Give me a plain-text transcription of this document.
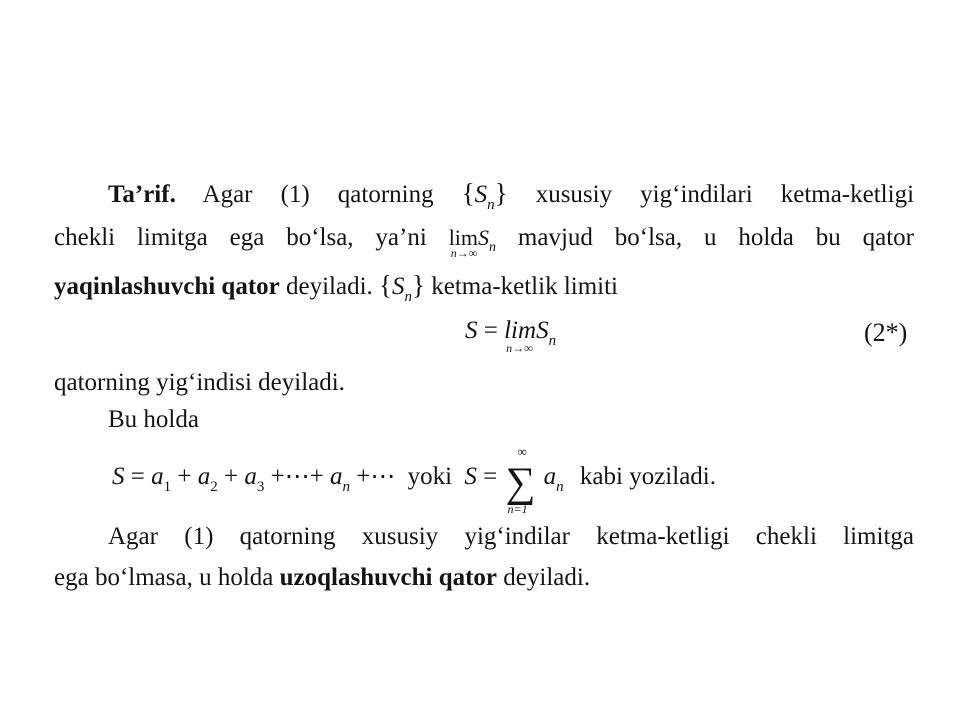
Ta’rif. Agar (1) qatorning $\{S_n\}$ xususiy yig‘indilari ketma-ketligi
chekli limitga ega bo‘lsa, ya’ni limS$_n$
n→∞
mavjud bo‘lsa, u holda bu qator
yaqinlashuvchi qator deyiladi. $\{S_n\}$ ketma-ketlik limiti
S = lim
n→∞
$S_n$	(2*)
qatorning yig‘indisi deyiladi.
Bu holda
$S = a_1 + a_2 + a_3$ +⋯+ $a_n$ +⋯ yoki S =
∞
∑
n=1
$a_n$ kabi yoziladi.
Agar (1) qatorning xususiy yig‘indilar ketma-ketligi chekli limitga
ega bo‘lmasa, u holda uzoqlashuvchi qator deyiladi.
